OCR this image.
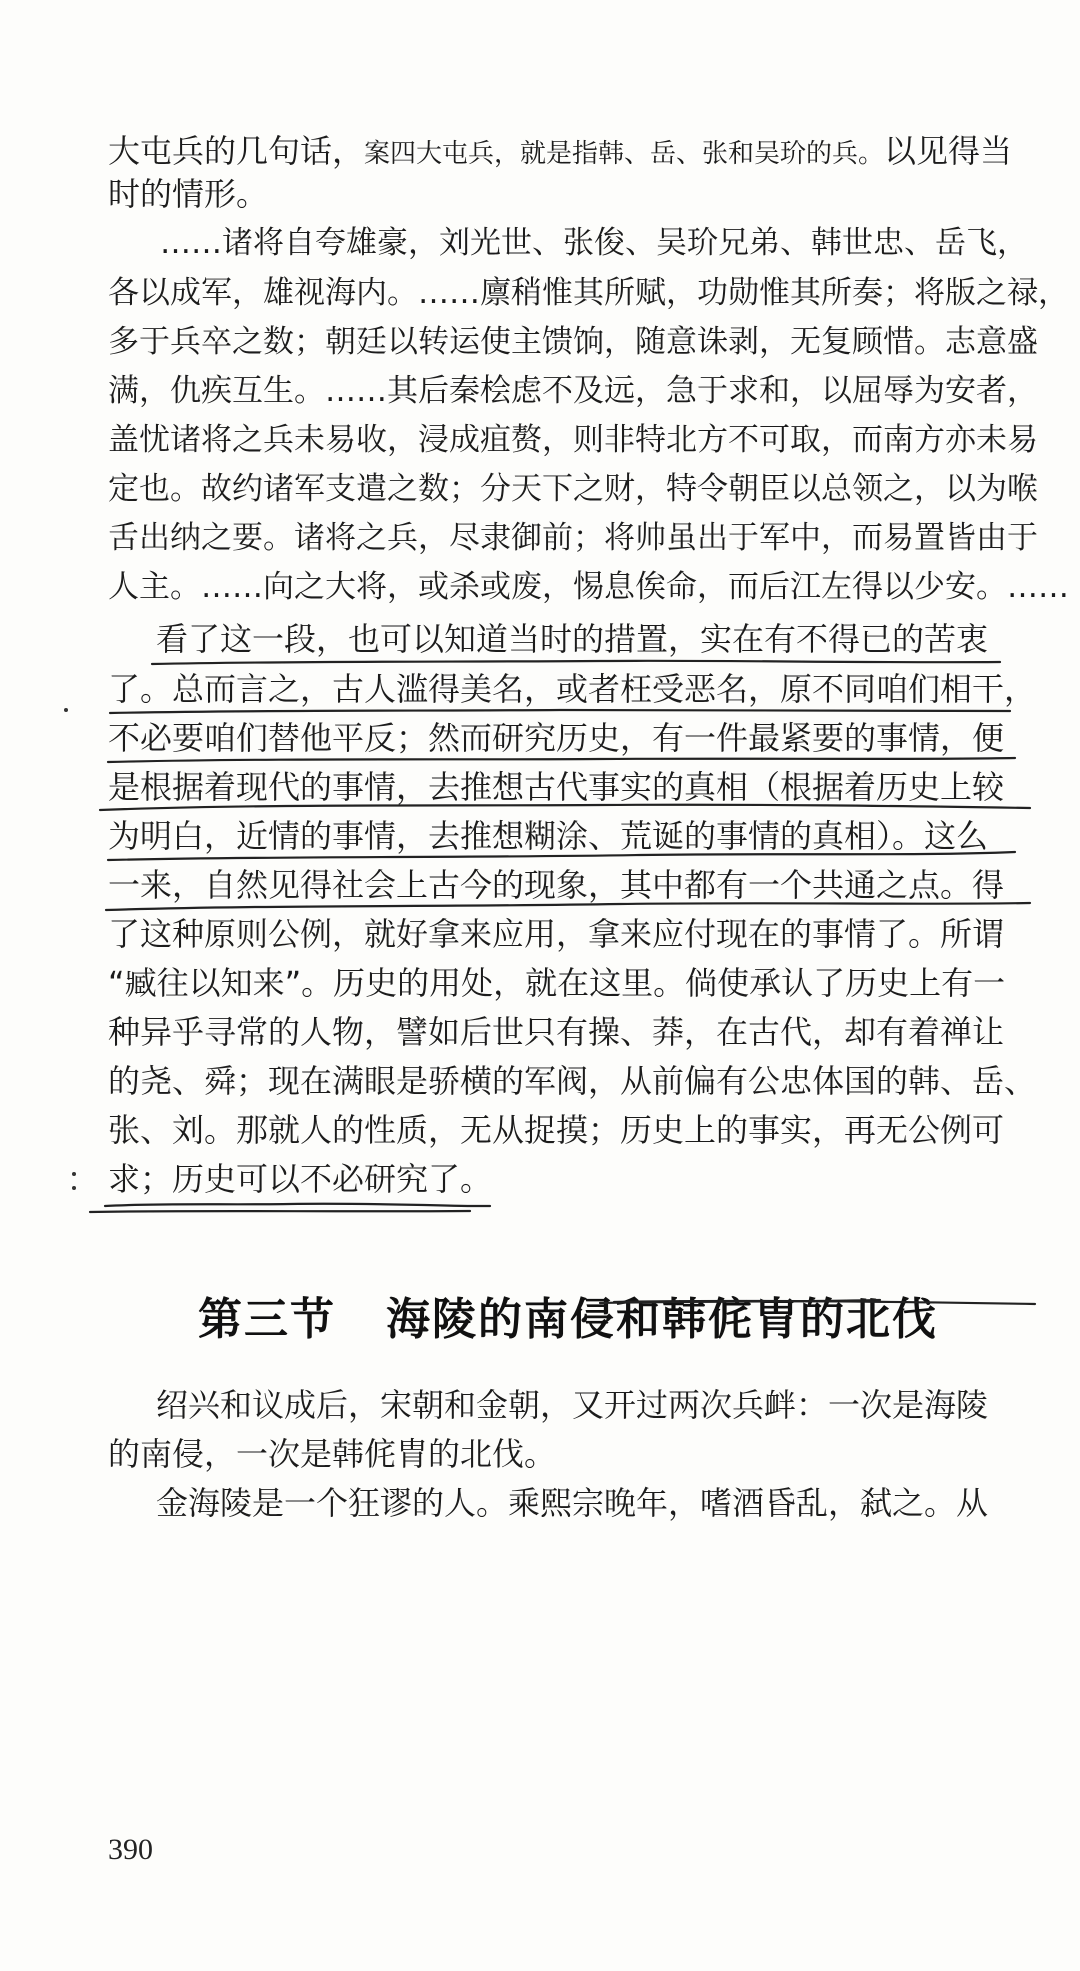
大屯兵的几句话，案四大屯兵，就是指韩、岳、张和吴玠的兵。以见得当
时的情形。
……诸将自夸雄豪，刘光世、张俊、吴玠兄弟、韩世忠、岳飞，
各以成军，雄视海内。……廪稍惟其所赋，功勋惟其所奏；将版之禄，
多于兵卒之数；朝廷以转运使主馈饷，随意诛剥，无复顾惜。志意盛
满，仇疾互生。……其后秦桧虑不及远，急于求和，以屈辱为安者，
盖忧诸将之兵未易收，浸成疽赘，则非特北方不可取，而南方亦未易
定也。故约诸军支遣之数；分天下之财，特令朝臣以总领之，以为喉
舌出纳之要。诸将之兵，尽隶御前；将帅虽出于军中，而易置皆由于
人主。……向之大将，或杀或废，惕息俟命，而后江左得以少安。……
看了这一段，也可以知道当时的措置，实在有不得已的苦衷
了。总而言之，古人滥得美名，或者枉受恶名，原不同咱们相干，
不必要咱们替他平反；然而研究历史，有一件最紧要的事情，便
是根据着现代的事情，去推想古代事实的真相（根据着历史上较
为明白，近情的事情，去推想糊涂、荒诞的事情的真相）。这么
一来，自然见得社会上古今的现象，其中都有一个共通之点。得
了这种原则公例，就好拿来应用，拿来应付现在的事情了。所谓
“臧往以知来”。历史的用处，就在这里。倘使承认了历史上有一
种异乎寻常的人物，譬如后世只有操、莽，在古代，却有着禅让
的尧、舜；现在满眼是骄横的军阀，从前偏有公忠体国的韩、岳、
张、刘。那就人的性质，无从捉摸；历史上的事实，再无公例可
求；历史可以不必研究了。
第三节 海陵的南侵和韩侂胄的北伐
绍兴和议成后，宋朝和金朝，又开过两次兵衅：一次是海陵
的南侵，一次是韩侂胄的北伐。
金海陵是一个狂谬的人。乘熙宗晚年，嗜酒昏乱，弑之。从
390
